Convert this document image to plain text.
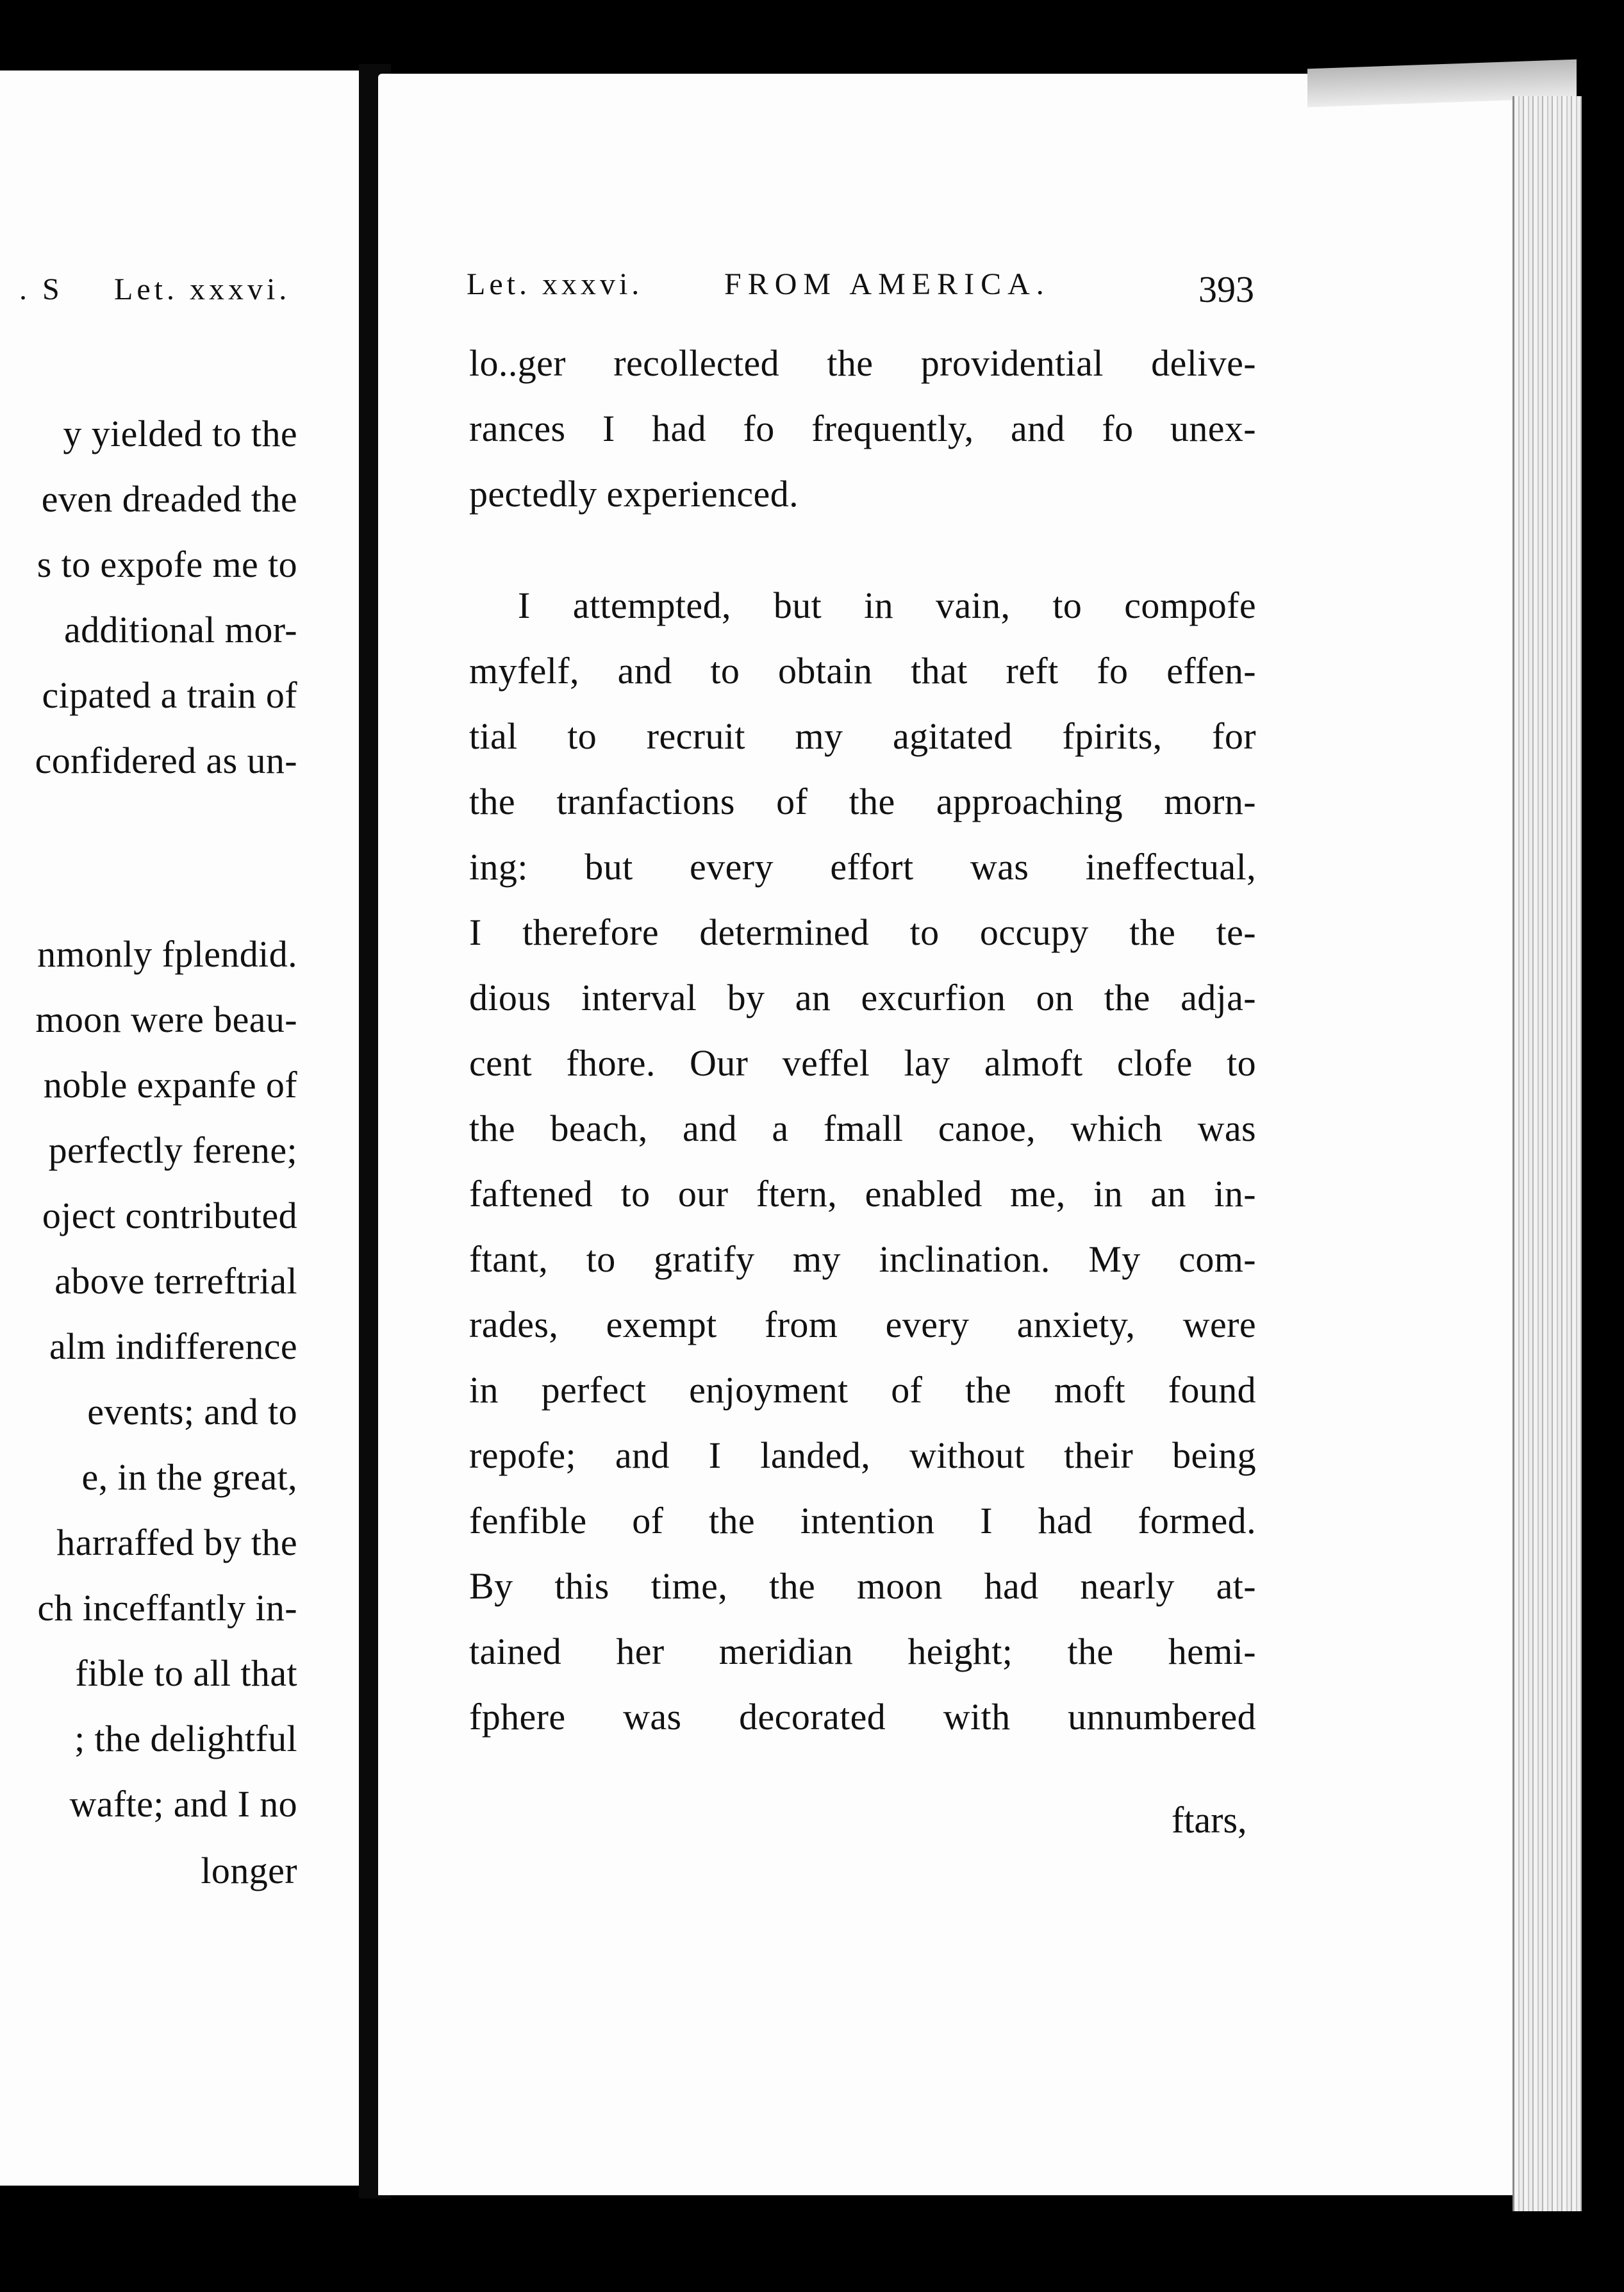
. S Let. xxxvi.
y yielded to the
even dreaded the
s to expofe me to
additional mor-
cipated a train of
confidered as un-
nmonly fplendid.
moon were beau-
noble expanfe of
perfectly ferene;
oject contributed
above terreftrial
alm indifference
events; and to
e, in the great,
harraffed by the
ch inceffantly in-
fible to all that
; the delightful
wafte; and I no
longer
Let. xxxvi.	FROM AMERICA.	393
lo..ger recollected the providential delive-
rances I had fo frequently, and fo unex-
pectedly experienced.
I attempted, but in vain, to compofe
myfelf, and to obtain that reft fo effen-
tial to recruit my agitated fpirits, for
the tranfactions of the approaching morn-
ing: but every effort was ineffectual,
I therefore determined to occupy the te-
dious interval by an excurfion on the adja-
cent fhore. Our veffel lay almoft clofe to
the beach, and a fmall canoe, which was
faftened to our ftern, enabled me, in an in-
ftant, to gratify my inclination. My com-
rades, exempt from every anxiety, were
in perfect enjoyment of the moft found
repofe; and I landed, without their being
fenfible of the intention I had formed.
By this time, the moon had nearly at-
tained her meridian height; the hemi-
fphere was decorated with unnumbered
ftars,
